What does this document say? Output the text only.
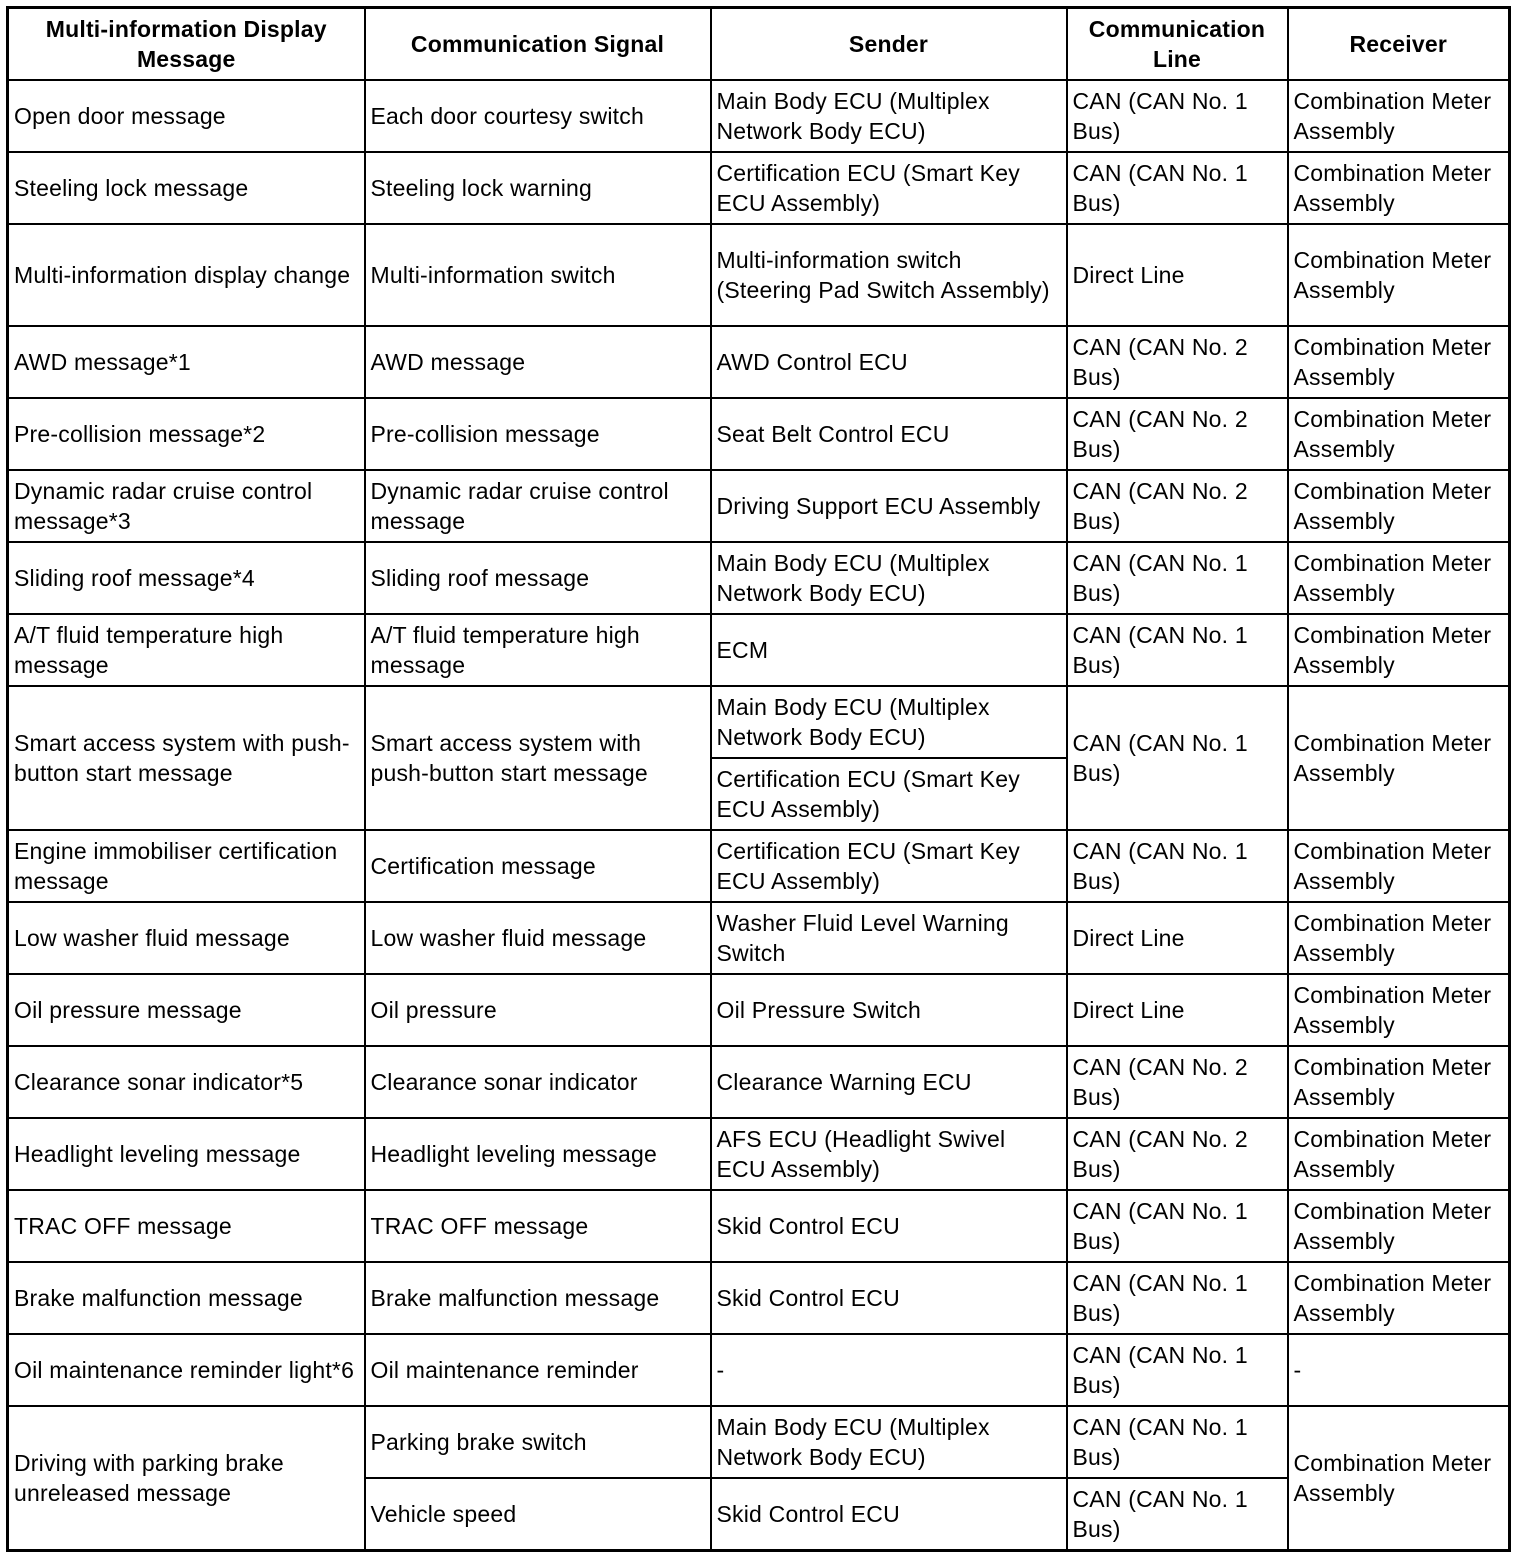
Multi-information Display Message	Communication Signal	Sender	Communication Line	Receiver
Open door message	Each door courtesy switch	Main Body ECU (Multiplex Network Body ECU)	CAN (CAN No. 1 Bus)	Combination Meter Assembly
Steeling lock message	Steeling lock warning	Certification ECU (Smart Key ECU Assembly)	CAN (CAN No. 1 Bus)	Combination Meter Assembly
Multi-information display change	Multi-information switch	Multi-information switch (Steering Pad Switch Assembly)	Direct Line	Combination Meter Assembly
AWD message*1	AWD message	AWD Control ECU	CAN (CAN No. 2 Bus)	Combination Meter Assembly
Pre-collision message*2	Pre-collision message	Seat Belt Control ECU	CAN (CAN No. 2 Bus)	Combination Meter Assembly
Dynamic radar cruise control message*3	Dynamic radar cruise control message	Driving Support ECU Assembly	CAN (CAN No. 2 Bus)	Combination Meter Assembly
Sliding roof message*4	Sliding roof message	Main Body ECU (Multiplex Network Body ECU)	CAN (CAN No. 1 Bus)	Combination Meter Assembly
A/T fluid temperature high message	A/T fluid temperature high message	ECM	CAN (CAN No. 1 Bus)	Combination Meter Assembly
Smart access system with push-button start message	Smart access system with push-button start message	Main Body ECU (Multiplex Network Body ECU)	CAN (CAN No. 1 Bus)	Combination Meter Assembly
		Certification ECU (Smart Key ECU Assembly)		
Engine immobiliser certification message	Certification message	Certification ECU (Smart Key ECU Assembly)	CAN (CAN No. 1 Bus)	Combination Meter Assembly
Low washer fluid message	Low washer fluid message	Washer Fluid Level Warning Switch	Direct Line	Combination Meter Assembly
Oil pressure message	Oil pressure	Oil Pressure Switch	Direct Line	Combination Meter Assembly
Clearance sonar indicator*5	Clearance sonar indicator	Clearance Warning ECU	CAN (CAN No. 2 Bus)	Combination Meter Assembly
Headlight leveling message	Headlight leveling message	AFS ECU (Headlight Swivel ECU Assembly)	CAN (CAN No. 2 Bus)	Combination Meter Assembly
TRAC OFF message	TRAC OFF message	Skid Control ECU	CAN (CAN No. 1 Bus)	Combination Meter Assembly
Brake malfunction message	Brake malfunction message	Skid Control ECU	CAN (CAN No. 1 Bus)	Combination Meter Assembly
Oil maintenance reminder light*6	Oil maintenance reminder	-	CAN (CAN No. 1 Bus)	-
Driving with parking brake unreleased message	Parking brake switch	Main Body ECU (Multiplex Network Body ECU)	CAN (CAN No. 1 Bus)	Combination Meter Assembly
	Vehicle speed	Skid Control ECU	CAN (CAN No. 1 Bus)	
